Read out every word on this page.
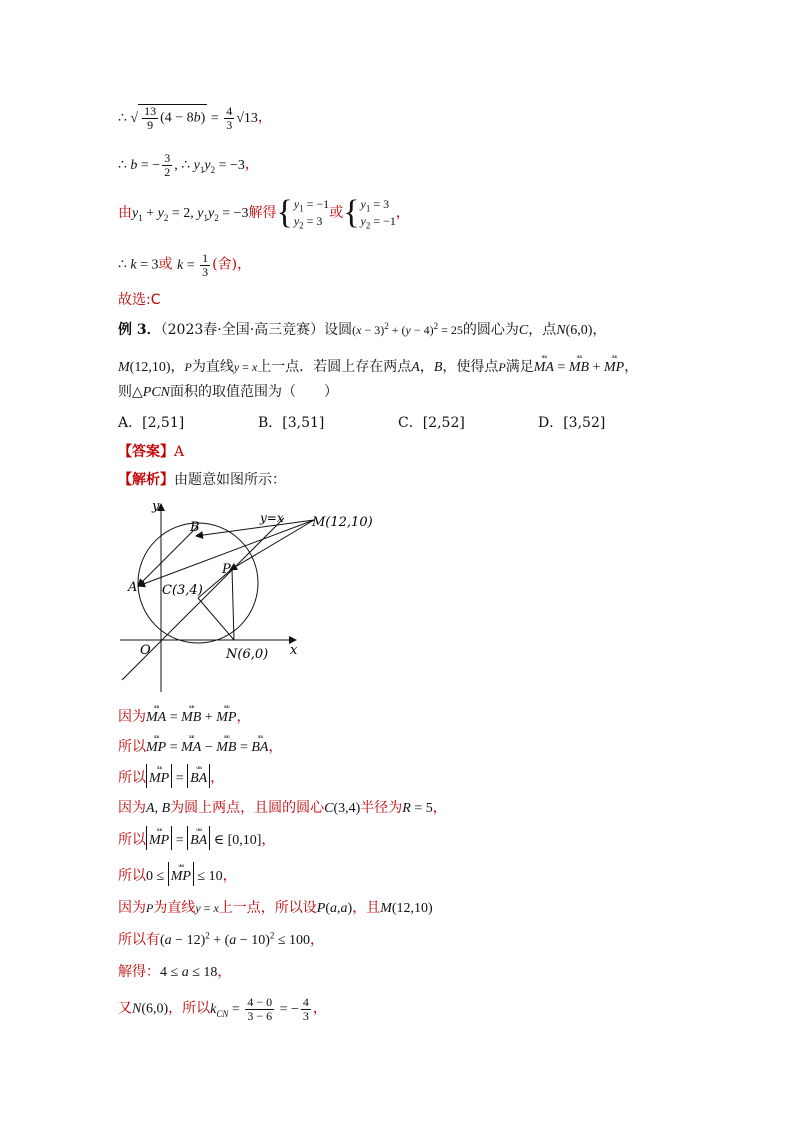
∴ √ $\frac{13}{9} (4 - 8b) = \frac{4}{3} √13$，
∴ b = − $\frac{3}{2}$ , ∴ $y_1y_2 = -3$，
由$y_1 + y_2 = 2$, $y_1y_2 = -3$解得 { $y_1 = -1$
$y_2 = 3$ 或 { $y_1 = 3$
$y_2 = -1$ ，
∴ k = 3或 $k = \frac{1}{3}$ (舍)，
故选:C
例 3．（2023春·全国·高三竞赛）设圆$(x - 3)^2 + (y - 4)^2 = 25$的圆心为C，点N(6,0)，
M(12,10)，P为直线y = x上一点．若圆上存在两点A，B，使得点P满足ᵘᵘᵘ MA = ᵘᵘᵘ MB + ᵘᵘᵘ MP，
则△PCN面积的取值范围为（　　）
A．[2,51]	B．[3,51]	C．[2,52]	D．[3,52]
【答案】A
【解析】由题意如图所示：
y
x
O
B
A
P
y=x M(12,10)
C(3,4)
N(6,0)
因为ᵘᵘᵘ MA = ᵘᵘᵘ MB + ᵘᵘᵘ MP，
所以ᵘᵘᵘ MP = ᵘᵘᵘ MA − ᵘᵘᵘ MB = ᵘᵘᵘ BA，
所以 ᵘᵘᵘ MP = ᵘᵘᵘ BA ，
因为A, B为圆上两点，且圆的圆心C(3,4)半径为R = 5，
所以 ᵘᵘᵘ MP = ᵘᵘᵘ BA ∈ [0,10]，
所以0 ≤ ᵘᵘᵘ MP ≤ 10，
因为P为直线y = x上一点，所以设P(a,a)，且M(12,10)
所以有$(a - 12)^2 + (a - 10)^2 \le 100$，
解得：4 ≤ a ≤ 18，
又N(6,0)，所以$k_{CN} = \frac{4 - 0}{3 - 6}$ = − $\frac{4}{3}$ ，
